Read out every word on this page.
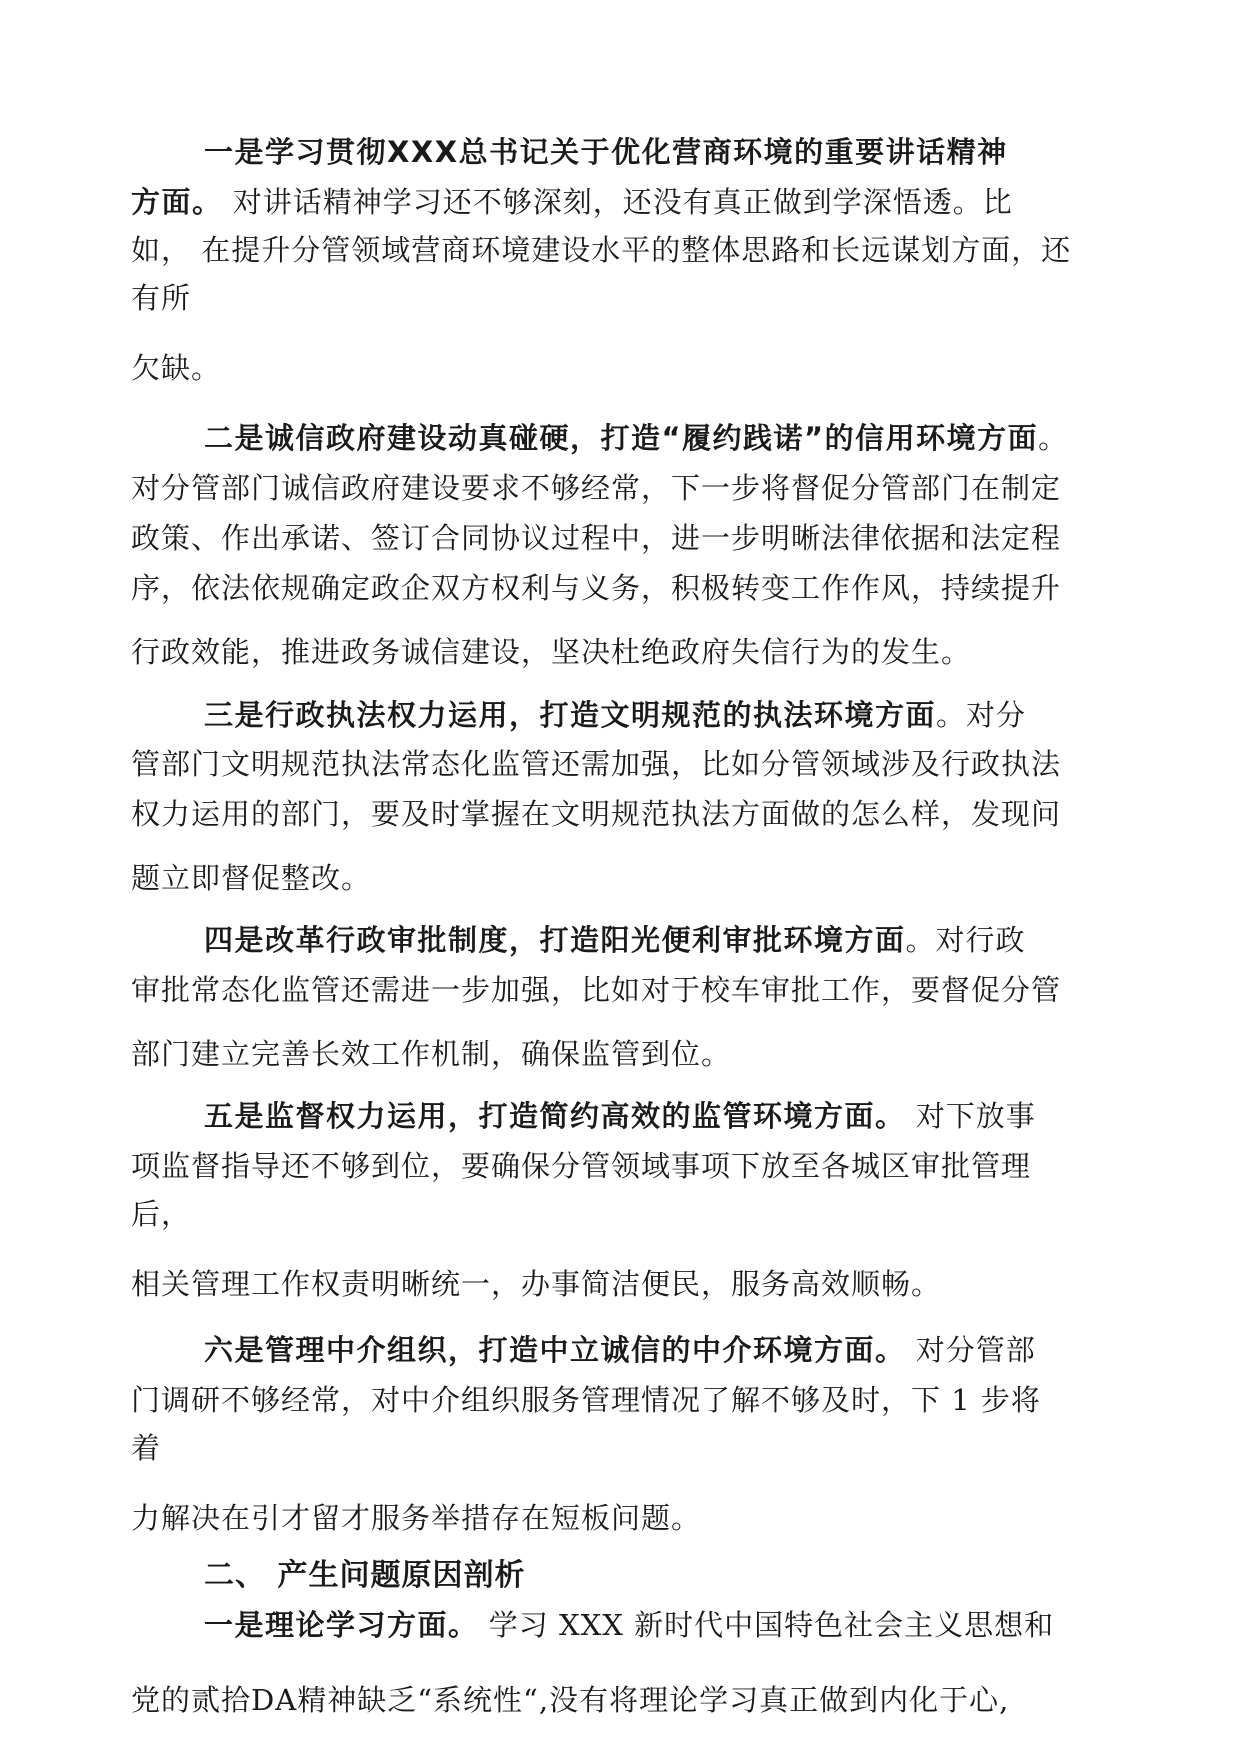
一是学习贯彻XXX总书记关于优化营商环境的重要讲话精神
方面。 对讲话精神学习还不够深刻，还没有真正做到学深悟透。比
如， 在提升分管领域营商环境建设水平的整体思路和长远谋划方面，还
有所
欠缺。
二是诚信政府建设动真碰硬，打造“履约践诺”的信用环境方面。
对分管部门诚信政府建设要求不够经常，下一步将督促分管部门在制定
政策、作出承诺、签订合同协议过程中，进一步明晰法律依据和法定程
序，依法依规确定政企双方权利与义务，积极转变工作作风，持续提升
行政效能，推进政务诚信建设，坚决杜绝政府失信行为的发生。
三是行政执法权力运用，打造文明规范的执法环境方面。对分
管部门文明规范执法常态化监管还需加强，比如分管领域涉及行政执法
权力运用的部门，要及时掌握在文明规范执法方面做的怎么样，发现问
题立即督促整改。
四是改革行政审批制度，打造阳光便利审批环境方面。对行政
审批常态化监管还需进一步加强，比如对于校车审批工作，要督促分管
部门建立完善长效工作机制，确保监管到位。
五是监督权力运用，打造简约高效的监管环境方面。 对下放事
项监督指导还不够到位，要确保分管领域事项下放至各城区审批管理
后，
相关管理工作权责明晰统一，办事简洁便民，服务高效顺畅。
六是管理中介组织，打造中立诚信的中介环境方面。 对分管部
门调研不够经常，对中介组织服务管理情况了解不够及时，下 1 步将
着
力解决在引才留才服务举措存在短板问题。
二、 产生问题原因剖析
一是理论学习方面。 学习 XXX 新时代中国特色社会主义思想和
党的贰拾DA精神缺乏“系统性“,没有将理论学习真正做到内化于心,
